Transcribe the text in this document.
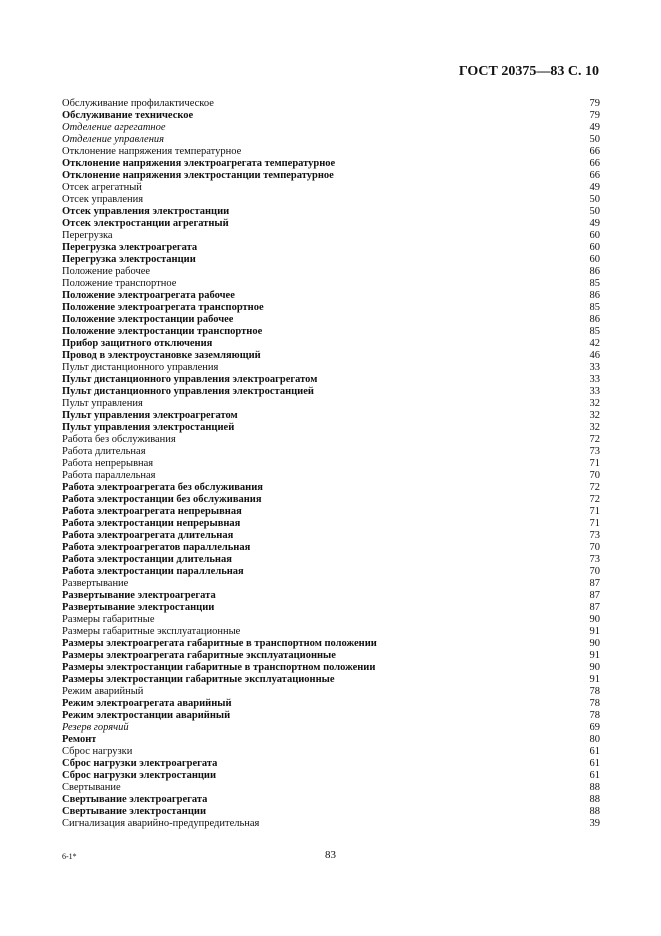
ГОСТ 20375—83 С. 10
Обслуживание профилактическое	79
Обслуживание техническое	79
Отделение агрегатное	49
Отделение управления	50
Отклонение напряжения температурное	66
Отклонение напряжения электроагрегата температурное	66
Отклонение напряжения электростанции температурное	66
Отсек агрегатный	49
Отсек управления	50
Отсек управления электростанции	50
Отсек электростанции агрегатный	49
Перегрузка	60
Перегрузка электроагрегата	60
Перегрузка электростанции	60
Положение рабочее	86
Положение транспортное	85
Положение электроагрегата рабочее	86
Положение электроагрегата транспортное	85
Положение электростанции рабочее	86
Положение электростанции транспортное	85
Прибор защитного отключения	42
Провод в электроустановке заземляющий	46
Пульт дистанционного управления	33
Пульт дистанционного управления электроагрегатом	33
Пульт дистанционного управления электростанцией	33
Пульт управления	32
Пульт управления электроагрегатом	32
Пульт управления электростанцией	32
Работа без обслуживания	72
Работа длительная	73
Работа непрерывная	71
Работа параллельная	70
Работа электроагрегата без обслуживания	72
Работа электростанции без обслуживания	72
Работа электроагрегата непрерывная	71
Работа электростанции непрерывная	71
Работа электроагрегата длительная	73
Работа электроагрегатов параллельная	70
Работа электростанции длительная	73
Работа электростанции параллельная	70
Развертывание	87
Развертывание электроагрегата	87
Развертывание электростанции	87
Размеры габаритные	90
Размеры габаритные эксплуатационные	91
Размеры электроагрегата габаритные в транспортном положении	90
Размеры электроагрегата габаритные эксплуатационные	91
Размеры электростанции габаритные в транспортном положении	90
Размеры электростанции габаритные эксплуатационные	91
Режим аварийный	78
Режим электроагрегата аварийный	78
Режим электростанции аварийный	78
Резерв горячий	69
Ремонт	80
Сброс нагрузки	61
Сброс нагрузки электроагрегата	61
Сброс нагрузки электростанции	61
Свертывание	88
Свертывание электроагрегата	88
Свертывание электростанции	88
Сигнализация аварийно-предупредительная	39
6-1*	83
